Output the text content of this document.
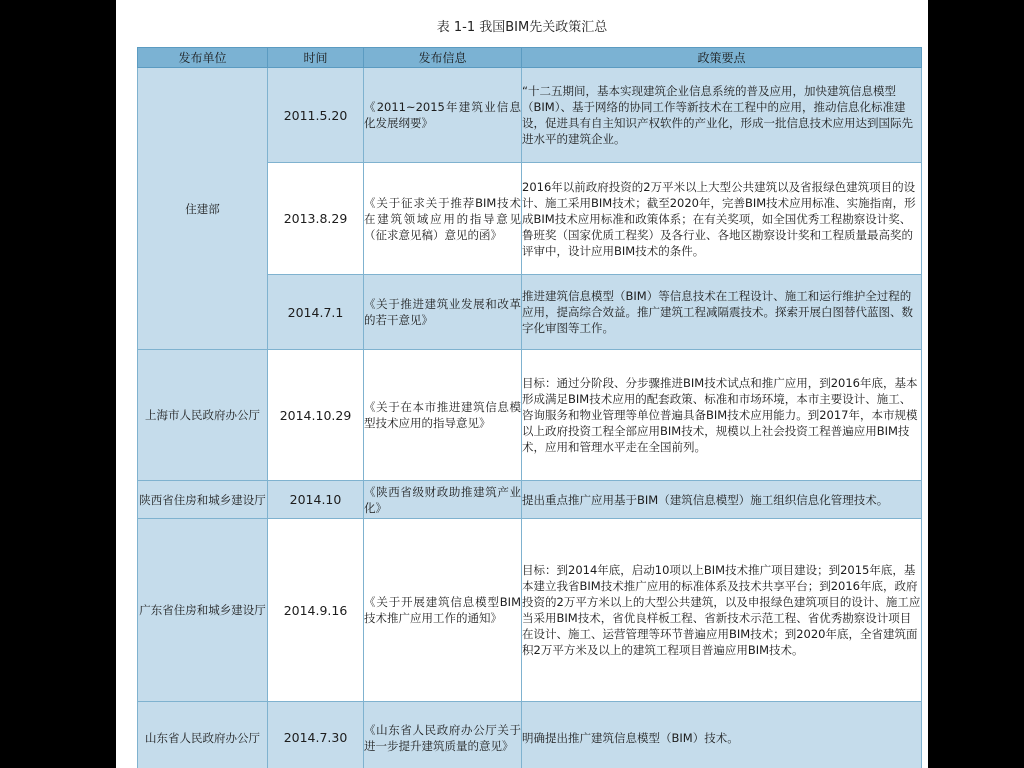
表 1-1 我国BIM先关政策汇总
发布单位	时间	发布信息	政策要点
住建部	2011.5.20	《2011~2015年建筑业信息化发展纲要》	“十二五期间，基本实现建筑企业信息系统的普及应用，加快建筑信息模型（BIM）、基于网络的协同工作等新技术在工程中的应用，推动信息化标准建设，促进具有自主知识产权软件的产业化，形成一批信息技术应用达到国际先进水平的建筑企业。
	2013.8.29	《关于征求关于推荐BIM技术在建筑领域应用的指导意见（征求意见稿）意见的函》	2016年以前政府投资的2万平米以上大型公共建筑以及省报绿色建筑项目的设计、施工采用BIM技术；截至2020年，完善BIM技术应用标准、实施指南，形成BIM技术应用标准和政策体系；在有关奖项，如全国优秀工程勘察设计奖、鲁班奖（国家优质工程奖）及各行业、各地区勘察设计奖和工程质量最高奖的评审中，设计应用BIM技术的条件。
	2014.7.1	《关于推进建筑业发展和改革的若干意见》	推进建筑信息模型（BIM）等信息技术在工程设计、施工和运行维护全过程的应用，提高综合效益。推广建筑工程减隔震技术。探索开展白图替代蓝图、数字化审图等工作。
上海市人民政府办公厅	2014.10.29	《关于在本市推进建筑信息模型技术应用的指导意见》	目标：通过分阶段、分步骤推进BIM技术试点和推广应用，到2016年底，基本形成满足BIM技术应用的配套政策、标准和市场环境，本市主要设计、施工、咨询服务和物业管理等单位普遍具备BIM技术应用能力。到2017年，本市规模以上政府投资工程全部应用BIM技术，规模以上社会投资工程普遍应用BIM技术，应用和管理水平走在全国前列。
陕西省住房和城乡建设厅	2014.10	《陕西省级财政助推建筑产业化》	提出重点推广应用基于BIM（建筑信息模型）施工组织信息化管理技术。
广东省住房和城乡建设厅	2014.9.16	《关于开展建筑信息模型BIM技术推广应用工作的通知》	目标：到2014年底，启动10项以上BIM技术推广项目建设；到2015年底，基本建立我省BIM技术推广应用的标准体系及技术共享平台；到2016年底，政府投资的2万平方米以上的大型公共建筑，以及申报绿色建筑项目的设计、施工应当采用BIM技术，省优良样板工程、省新技术示范工程、省优秀勘察设计项目在设计、施工、运营管理等环节普遍应用BIM技术；到2020年底，全省建筑面积2万平方米及以上的建筑工程项目普遍应用BIM技术。
山东省人民政府办公厅	2014.7.30	《山东省人民政府办公厅关于进一步提升建筑质量的意见》	明确提出推广建筑信息模型（BIM）技术。
